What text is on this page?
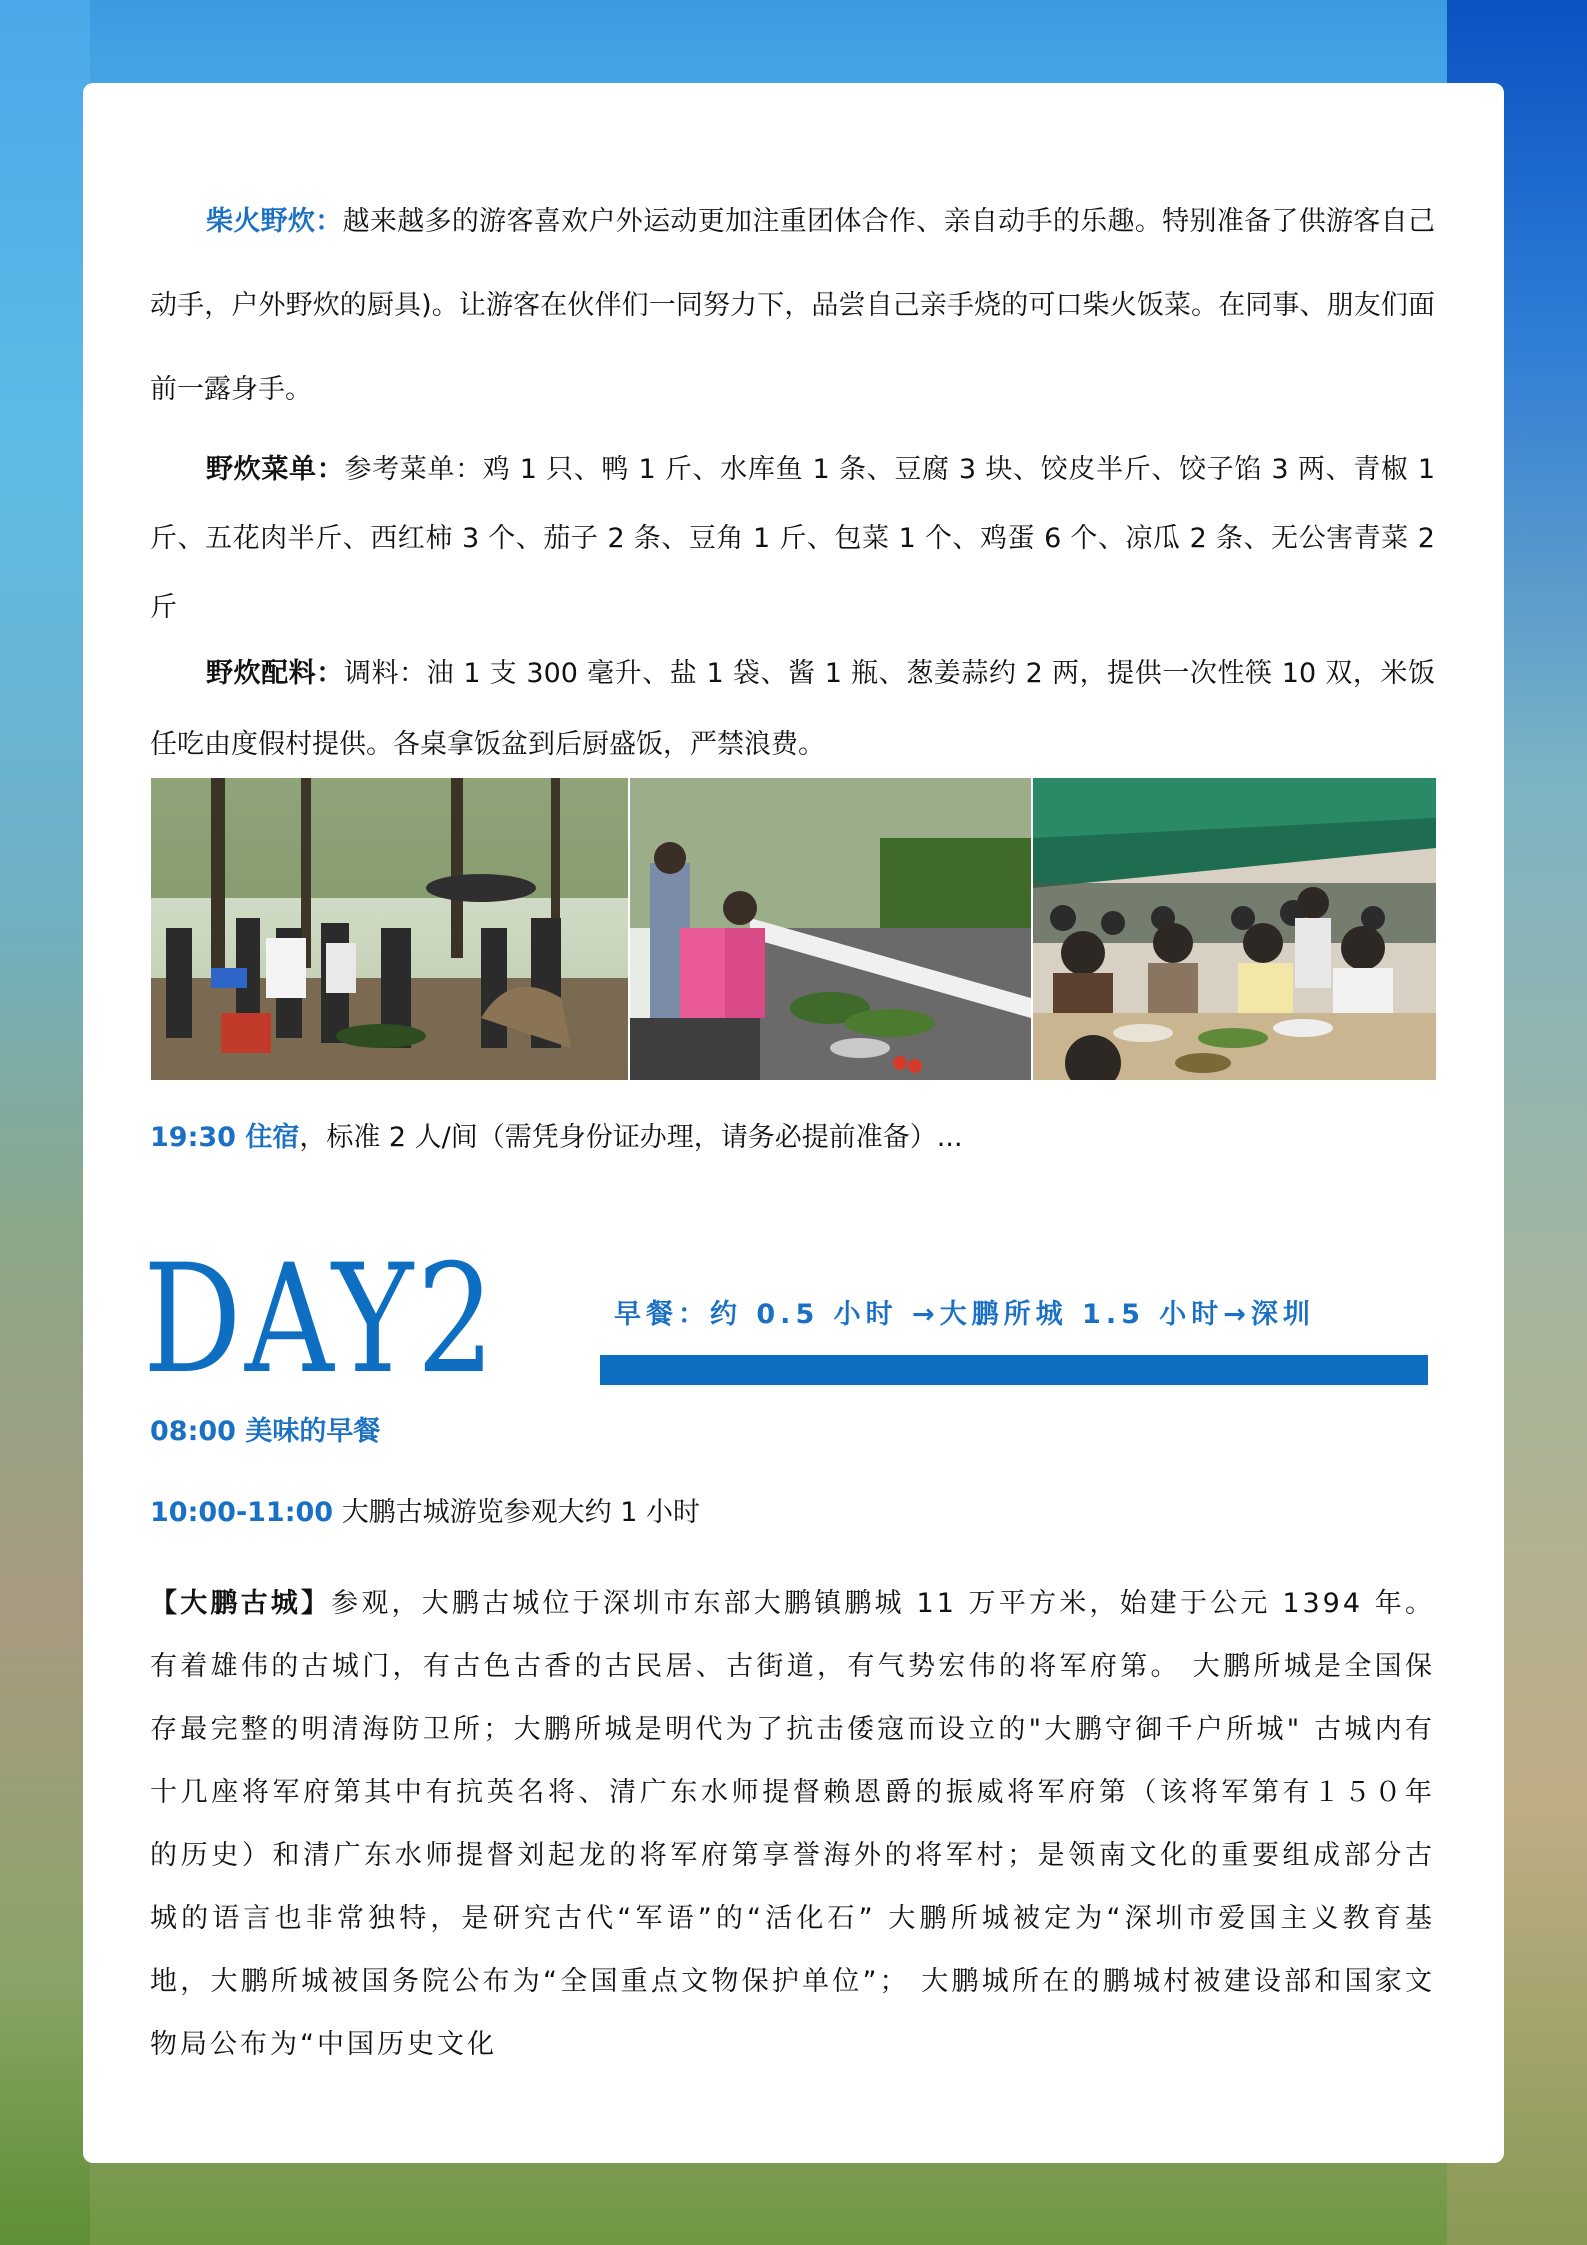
柴火野炊：越来越多的游客喜欢户外运动更加注重团体合作、亲自动手的乐趣。特别准备了供游客自己动手，户外野炊的厨具)。让游客在伙伴们一同努力下，品尝自己亲手烧的可口柴火饭菜。在同事、朋友们面前一露身手。

野炊菜单：参考菜单：鸡 1 只、鸭 1 斤、水库鱼 1 条、豆腐 3 块、饺皮半斤、饺子馅 3 两、青椒 1 斤、五花肉半斤、西红柿 3 个、茄子 2 条、豆角 1 斤、包菜 1 个、鸡蛋 6 个、凉瓜 2 条、无公害青菜 2 斤

野炊配料：调料：油 1 支 300 毫升、盐 1 袋、酱 1 瓶、葱姜蒜约 2 两，提供一次性筷 10 双，米饭任吃由度假村提供。各桌拿饭盆到后厨盛饭，严禁浪费。

19:30 住宿，标准 2 人/间（需凭身份证办理，请务必提前准备）...

DAY2	早餐：约 0.5 小时 →大鹏所城 1.5 小时→深圳

08:00 美味的早餐

10:00-11:00 大鹏古城游览参观大约 1 小时

【大鹏古城】参观，大鹏古城位于深圳市东部大鹏镇鹏城 11 万平方米，始建于公元 1394 年。有着雄伟的古城门，有古色古香的古民居、古街道，有气势宏伟的将军府第。 大鹏所城是全国保存最完整的明清海防卫所；大鹏所城是明代为了抗击倭寇而设立的"大鹏守御千户所城" 古城内有十几座将军府第其中有抗英名将、清广东水师提督赖恩爵的振威将军府第（该将军第有１５０年的历史）和清广东水师提督刘起龙的将军府第享誉海外的将军村；是领南文化的重要组成部分古城的语言也非常独特，是研究古代“军语”的“活化石” 大鹏所城被定为“深圳市爱国主义教育基地，大鹏所城被国务院公布为“全国重点文物保护单位”； 大鹏城所在的鹏城村被建设部和国家文物局公布为“中国历史文化
